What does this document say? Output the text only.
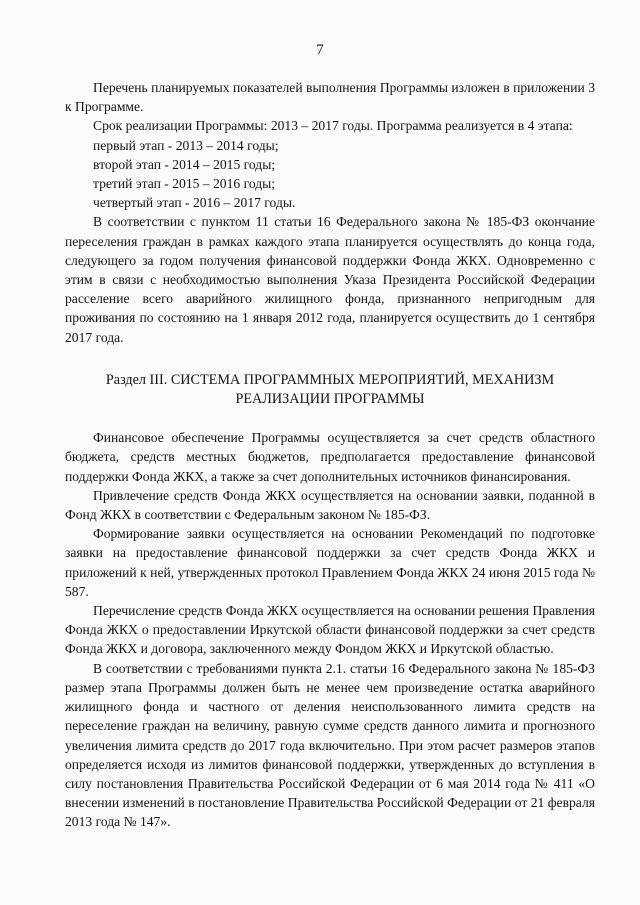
7

Перечень планируемых показателей выполнения Программы изложен в приложении 3 к Программе.

Срок реализации Программы: 2013 – 2017 годы. Программа реализуется в 4 этапа:

первый этап - 2013 – 2014 годы;

второй этап - 2014 – 2015 годы;

третий этап - 2015 – 2016 годы;

четвертый этап - 2016 – 2017 годы.

В соответствии с пунктом 11 статьи 16 Федерального закона № 185-ФЗ окончание переселения граждан в рамках каждого этапа планируется осуществлять до конца года, следующего за годом получения финансовой поддержки Фонда ЖКХ. Одновременно с этим в связи с необходимостью выполнения Указа Президента Российской Федерации расселение всего аварийного жилищного фонда, признанного непригодным для проживания по состоянию на 1 января 2012 года, планируется осуществить до 1 сентября 2017 года.

Раздел III. СИСТЕМА ПРОГРАММНЫХ МЕРОПРИЯТИЙ, МЕХАНИЗМ
РЕАЛИЗАЦИИ ПРОГРАММЫ

Финансовое обеспечение Программы осуществляется за счет средств областного бюджета, средств местных бюджетов, предполагается предоставление финансовой поддержки Фонда ЖКХ, а также за счет дополнительных источников финансирования.

Привлечение средств Фонда ЖКХ осуществляется на основании заявки, поданной в Фонд ЖКХ в соответствии с Федеральным законом № 185-ФЗ.

Формирование заявки осуществляется на основании Рекомендаций по подготовке заявки на предоставление финансовой поддержки за счет средств Фонда ЖКХ и приложений к ней, утвержденных протокол Правлением Фонда ЖКХ 24 июня 2015 года № 587.

Перечисление средств Фонда ЖКХ осуществляется на основании решения Правления Фонда ЖКХ о предоставлении Иркутской области финансовой поддержки за счет средств Фонда ЖКХ и договора, заключенного между Фондом ЖКХ и Иркутской областью.

В соответствии с требованиями пункта 2.1. статьи 16 Федерального закона № 185-ФЗ размер этапа Программы должен быть не менее чем произведение остатка аварийного жилищного фонда и частного от деления неиспользованного лимита средств на переселение граждан на величину, равную сумме средств данного лимита и прогнозного увеличения лимита средств до 2017 года включительно. При этом расчет размеров этапов определяется исходя из лимитов финансовой поддержки, утвержденных до вступления в силу постановления Правительства Российской Федерации от 6 мая 2014 года № 411 «О внесении изменений в постановление Правительства Российской Федерации от 21 февраля 2013 года № 147».
